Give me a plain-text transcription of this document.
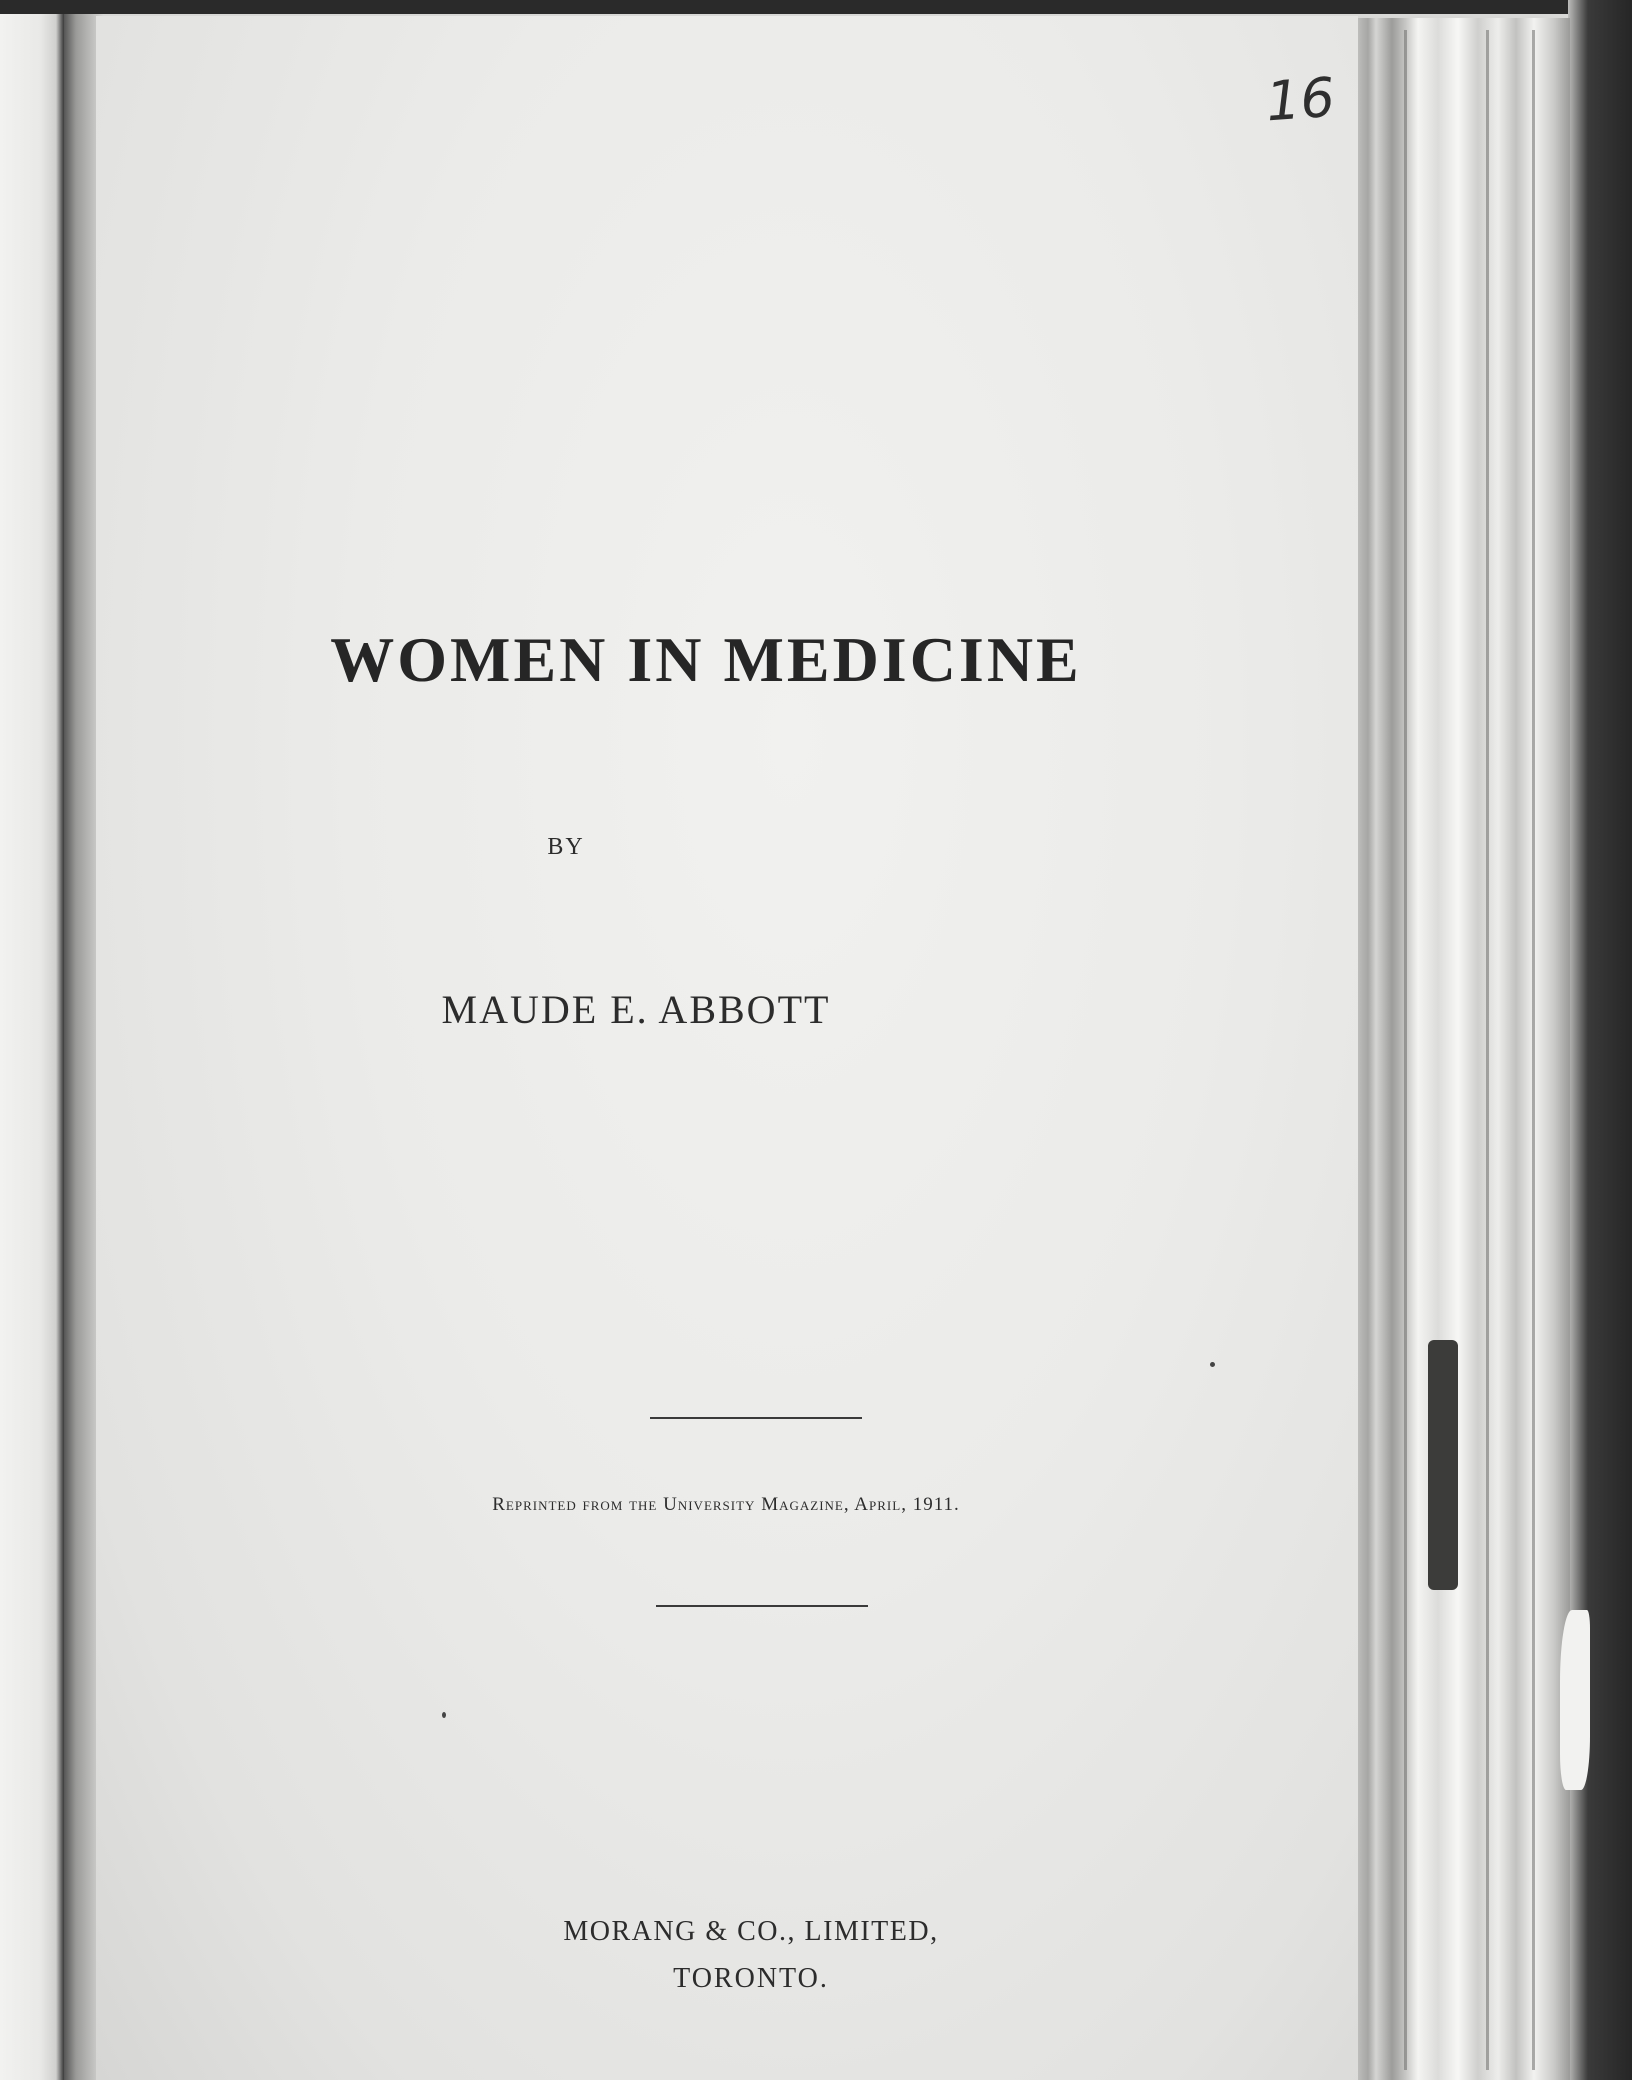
16
WOMEN IN MEDICINE
BY
MAUDE E. ABBOTT
Reprinted from the University Magazine, April, 1911.
MORANG & CO., LIMITED,
TORONTO.
